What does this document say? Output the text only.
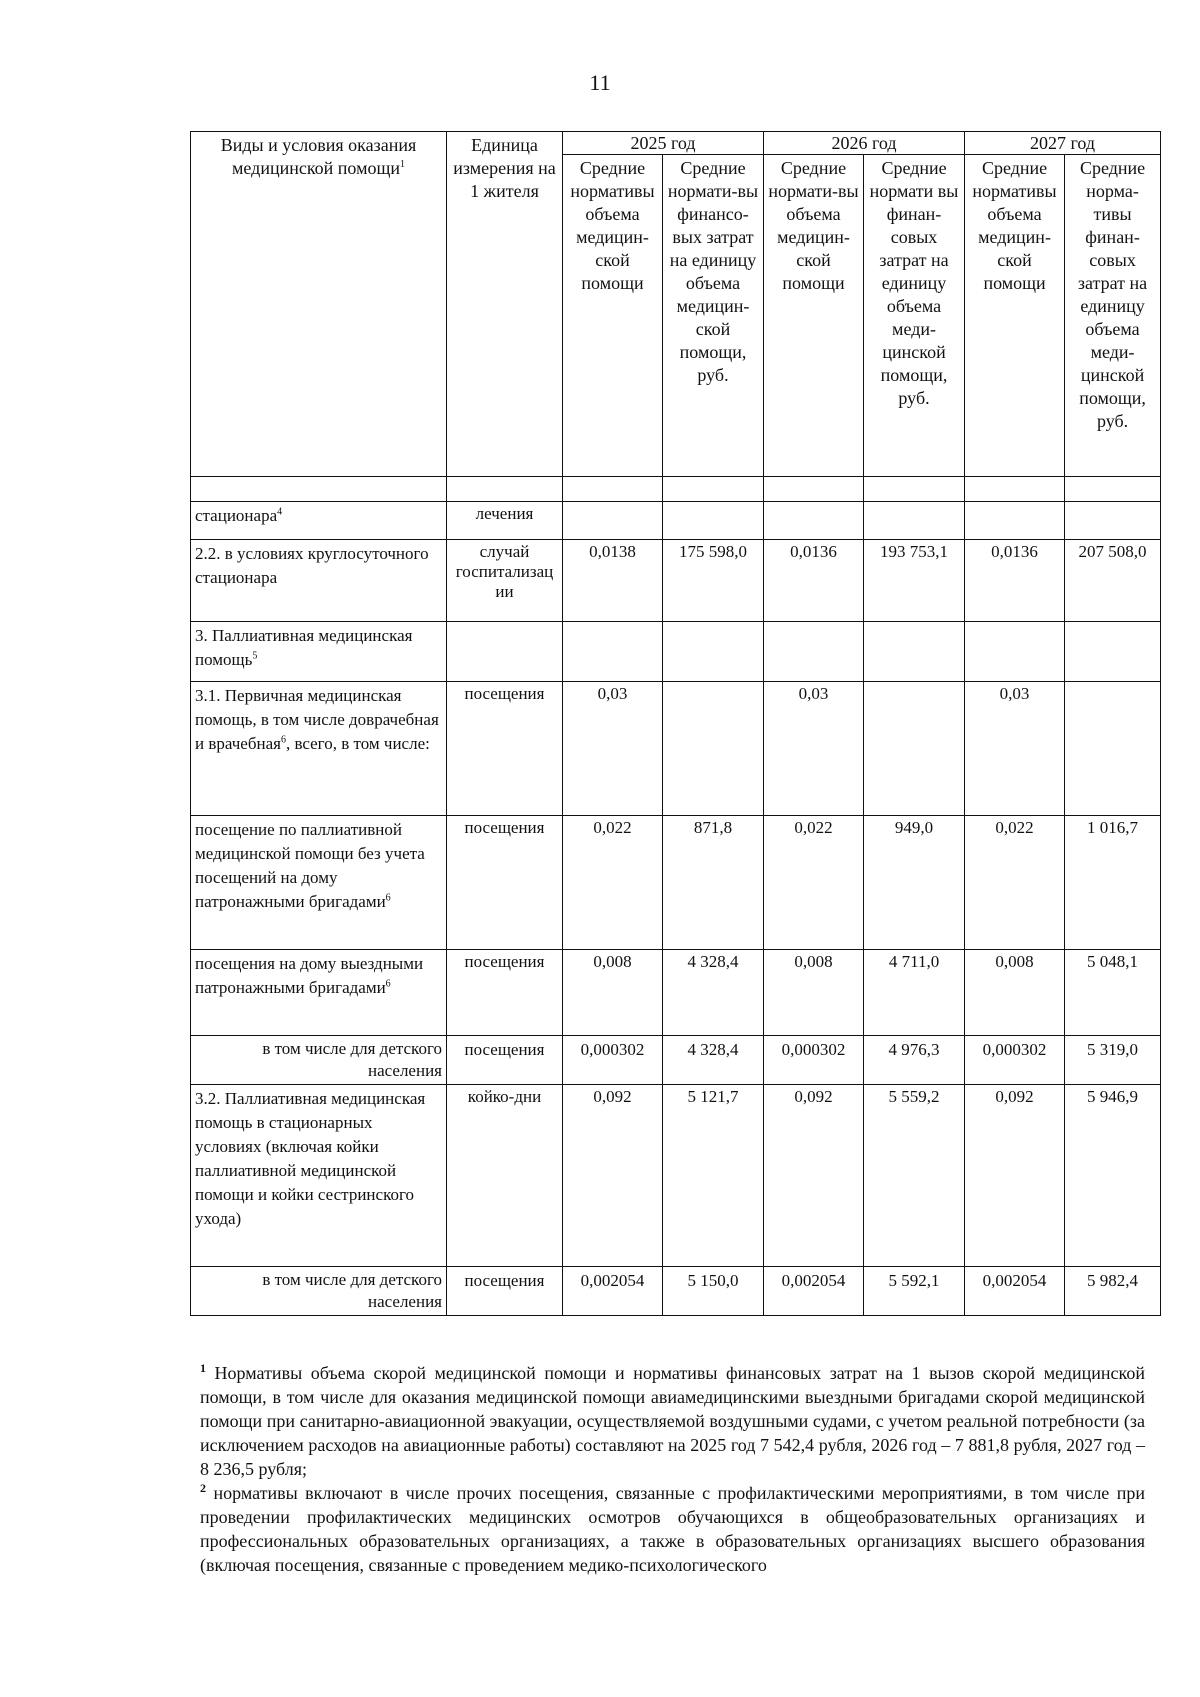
11
Виды и условия оказания медицинской помощи$^1$	Единица измерения на 1 жителя	2025 год		2026 год		2027 год	
		Средние нормативы объема медицин-ской помощи	Средние нормати-вы финансо-вых затрат на единицу объема медицин-ской помощи, руб.	Средние нормати-вы объема медицин-ской помощи	Средние нормати вы финан-совых затрат на единицу объема меди-цинской помощи, руб.	Средние нормативы объема медицин-ской помощи	Средние норма-тивы финан-совых затрат на единицу объема меди-цинской помощи, руб.

стационара$^4$	лечения						
2.2. в условиях круглосуточного стационара	случай госпитализац ии	0,0138	175 598,0	0,0136	193 753,1	0,0136	207 508,0
3. Паллиативная медицинская помощь$^5$							
3.1. Первичная медицинская помощь, в том числе доврачебная и врачебная$^6$, всего, в том числе:	посещения	0,03		0,03		0,03	
посещение по паллиативной медицинской помощи без учета посещений на дому патронажными бригадами$^6$	посещения	0,022	871,8	0,022	949,0	0,022	1 016,7
посещения на дому выездными патронажными бригадами$^6$	посещения	0,008	4 328,4	0,008	4 711,0	0,008	5 048,1
в том числе для детского населения	посещения	0,000302	4 328,4	0,000302	4 976,3	0,000302	5 319,0
3.2. Паллиативная медицинская помощь в стационарных условиях (включая койки паллиативной медицинской помощи и койки сестринского ухода)	койко-дни	0,092	5 121,7	0,092	5 559,2	0,092	5 946,9
в том числе для детского населения	посещения	0,002054	5 150,0	0,002054	5 592,1	0,002054	5 982,4

$^1$ Нормативы объема скорой медицинской помощи и нормативы финансовых затрат на 1 вызов скорой медицинской помощи, в том числе для оказания медицинской помощи авиамедицинскими выездными бригадами скорой медицинской помощи при санитарно-авиационной эвакуации, осуществляемой воздушными судами, с учетом реальной потребности (за исключением расходов на авиационные работы) составляют на 2025 год 7 542,4 рубля, 2026 год – 7 881,8 рубля, 2027 год – 8 236,5 рубля;

$^2$ нормативы включают в числе прочих посещения, связанные с профилактическими мероприятиями, в том числе при проведении профилактических медицинских осмотров обучающихся в общеобразовательных организациях и профессиональных образовательных организациях, а также в образовательных организациях высшего образования (включая посещения, связанные с проведением медико-психологического
